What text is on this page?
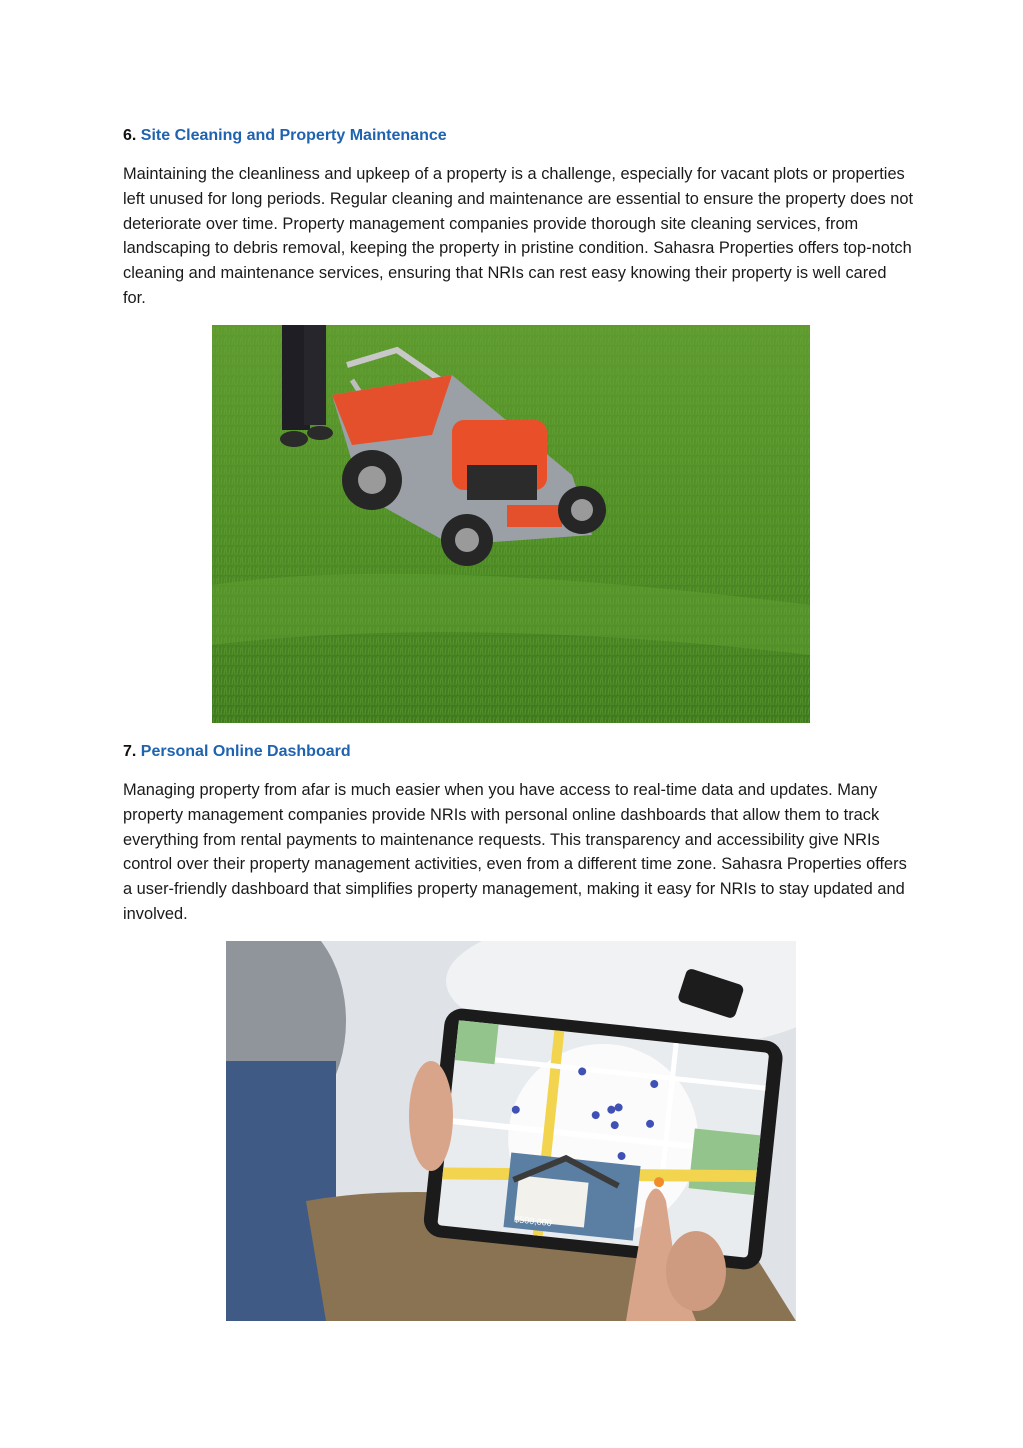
6. Site Cleaning and Property Maintenance

Maintaining the cleanliness and upkeep of a property is a challenge, especially for vacant plots or properties left unused for long periods. Regular cleaning and maintenance are essential to ensure the property does not deteriorate over time. Property management companies provide thorough site cleaning services, from landscaping to debris removal, keeping the property in pristine condition. Sahasra Properties offers top-notch cleaning and maintenance services, ensuring that NRIs can rest easy knowing their property is well cared for.

7. Personal Online Dashboard

Managing property from afar is much easier when you have access to real-time data and updates. Many property management companies provide NRIs with personal online dashboards that allow them to track everything from rental payments to maintenance requests. This transparency and accessibility give NRIs control over their property management activities, even from a different time zone. Sahasra Properties offers a user-friendly dashboard that simplifies property management, making it easy for NRIs to stay updated and involved.

$500,000
